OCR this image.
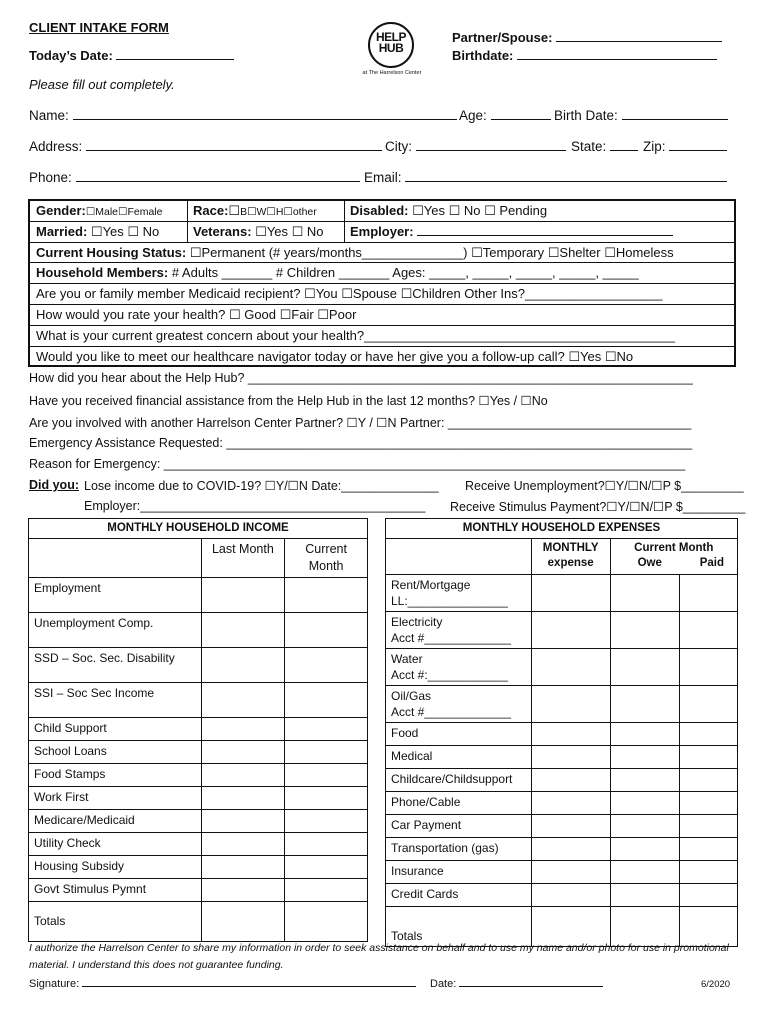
CLIENT INTAKE FORM
Today’s Date:
Please fill out completely.
HELP HUB
at The Harrelson Center
Partner/Spouse:
Birthdate:
Name:	Age:	Birth Date:
Address:	City:	State:	Zip:
Phone:	Email:
Gender:☐Male☐Female	Race:☐B☐W☐H☐other	Disabled: ☐Yes ☐ No ☐ Pending
Married: ☐Yes ☐ No	Veterans: ☐Yes ☐ No	Employer:
Current Housing Status: ☐Permanent (# years/months______________) ☐Temporary ☐Shelter ☐Homeless
Household Members: # Adults _______ # Children _______ Ages: _____, _____, _____, _____, _____
Are you or family member Medicaid recipient? ☐You ☐Spouse ☐Children Other Ins?___________________
How would you rate your health? ☐ Good ☐Fair ☐Poor
What is your current greatest concern about your health?___________________________________________
Would you like to meet our healthcare navigator today or have her give you a follow-up call? ☐Yes ☐No
How did you hear about the Help Hub? ________________________________________________________________
Have you received financial assistance from the Help Hub in the last 12 months? ☐Yes / ☐No
Are you involved with another Harrelson Center Partner? ☐Y / ☐N Partner: ___________________________________
Emergency Assistance Requested: ___________________________________________________________________
Reason for Emergency: ___________________________________________________________________________
Did you: Lose income due to COVID-19? ☐Y/☐N Date:______________ Receive Unemployment?☐Y/☐N/☐P $_________
Employer:_________________________________________ Receive Stimulus Payment?☐Y/☐N/☐P $_________
MONTHLY HOUSEHOLD INCOME		
	Last Month	Current Month
Employment		
Unemployment Comp.		
SSD – Soc. Sec. Disability		
SSI – Soc Sec Income		
Child Support		
School Loans		
Food Stamps		
Work First		
Medicare/Medicaid		
Utility Check		
Housing Subsidy		
Govt Stimulus Pymnt		
Totals		
MONTHLY HOUSEHOLD EXPENSES			
	MONTHLY expense	Current Month
Owe Paid	

Rent/Mortgage
LL:_______________			

Electricity
Acct #_____________			

Water
Acct #:____________			

Oil/Gas
Acct #_____________			

Food			

Medical			

Childcare/Childsupport			

Phone/Cable			

Car Payment			

Transportation (gas)			

Insurance			

Credit Cards			

Totals			

I authorize the Harrelson Center to share my information in order to seek assistance on behalf and to use my name and/or photo for use in promotional material. I understand this does not guarantee funding.
Signature:	Date:	6/2020
